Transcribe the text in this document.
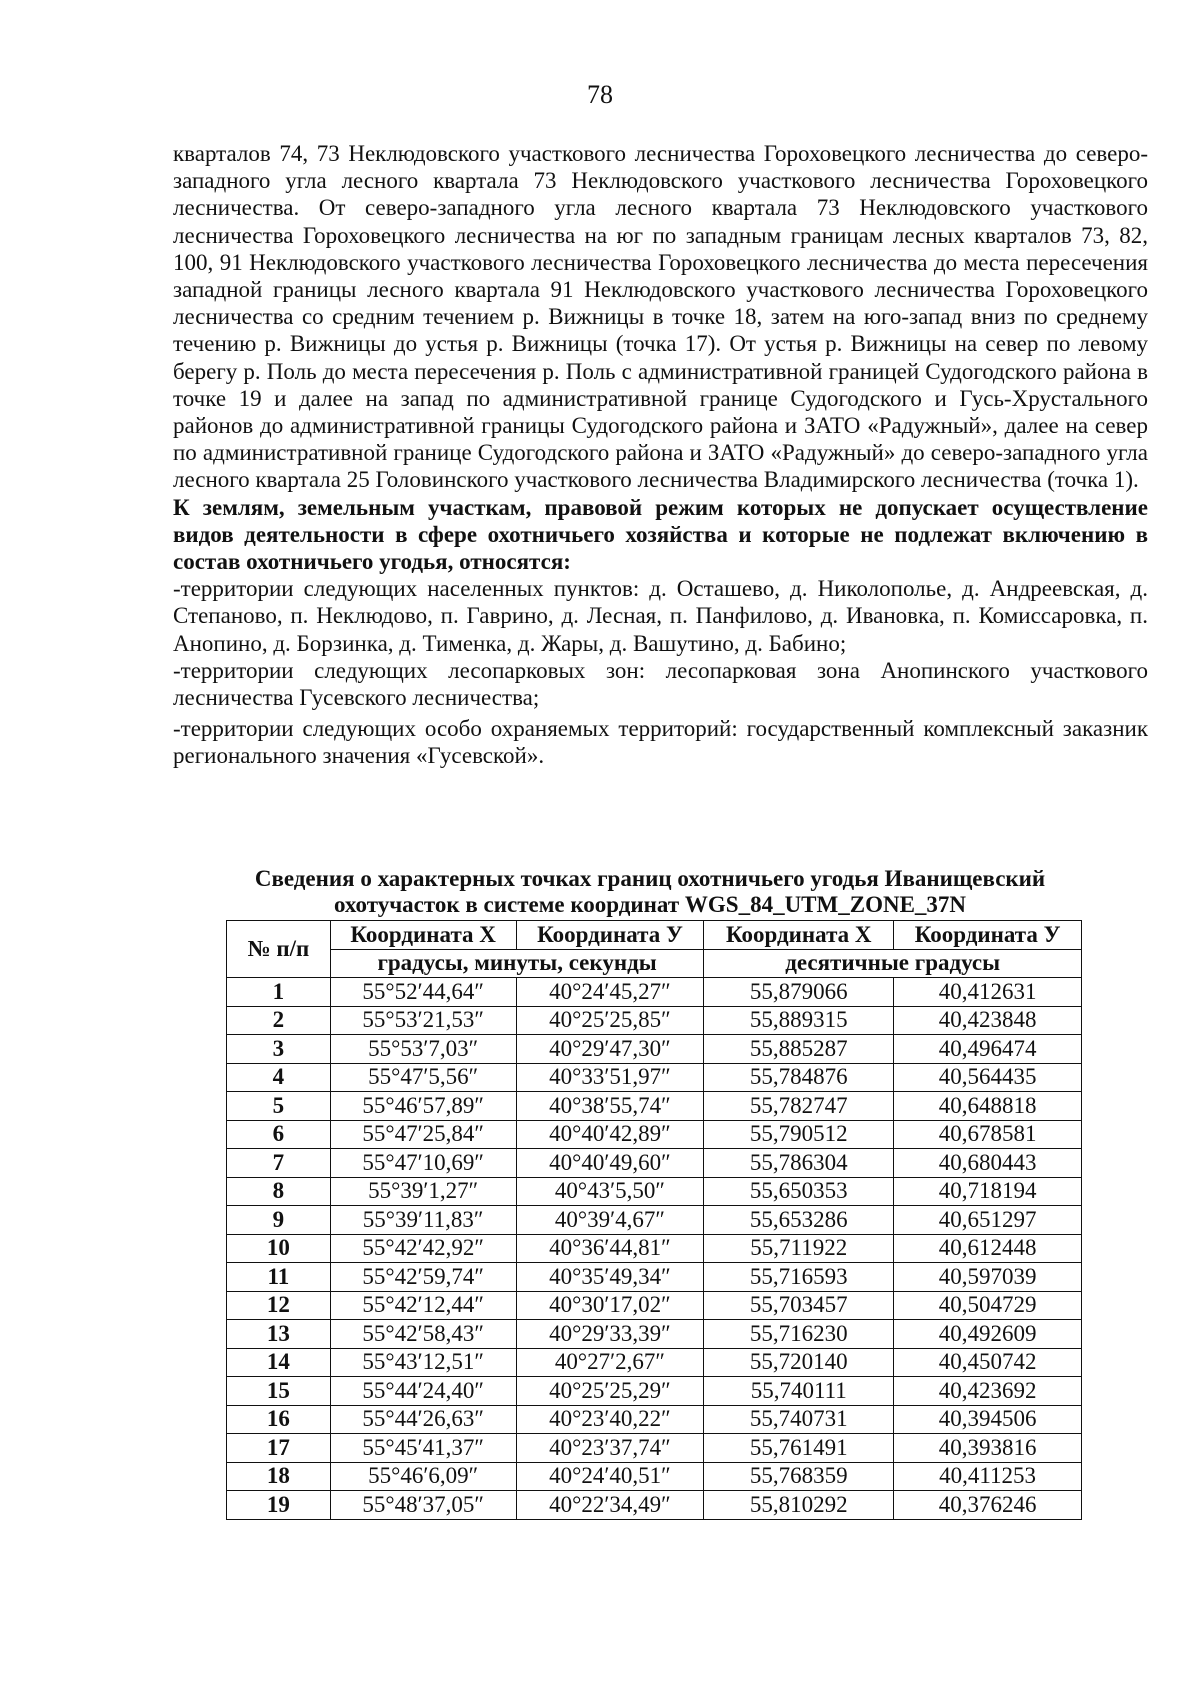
78

кварталов 74, 73 Неклюдовского участкового лесничества Гороховецкого лесничества до северо-западного угла лесного квартала 73 Неклюдовского участкового лесничества Гороховецкого лесничества. От северо-западного угла лесного квартала 73 Неклюдовского участкового лесничества Гороховецкого лесничества на юг по западным границам лесных кварталов 73, 82, 100, 91 Неклюдовского участкового лесничества Гороховецкого лесничества до места пересечения западной границы лесного квартала 91 Неклюдовского участкового лесничества Гороховецкого лесничества со средним течением р. Вижницы в точке 18, затем на юго-запад вниз по среднему течению р. Вижницы до устья р. Вижницы (точка 17). От устья р. Вижницы на север по левому берегу р. Поль до места пересечения р. Поль с административной границей Судогодского района в точке 19 и далее на запад по административной границе Судогодского и Гусь-Хрустального районов до административной границы Судогодского района и ЗАТО «Радужный», далее на север по административной границе Судогодского района и ЗАТО «Радужный» до северо-западного угла лесного квартала 25 Головинского участкового лесничества Владимирского лесничества (точка 1).

К землям, земельным участкам, правовой режим которых не допускает осуществление видов деятельности в сфере охотничьего хозяйства и которые не подлежат включению в состав охотничьего угодья, относятся:

-территории следующих населенных пунктов: д. Осташево, д. Николополье, д. Андреевская, д. Степаново, п. Неклюдово, п. Гаврино, д. Лесная, п. Панфилово, д. Ивановка, п. Комиссаровка, п. Анопино, д. Борзинка, д. Тименка, д. Жары, д. Вашутино, д. Бабино;

-территории следующих лесопарковых зон: лесопарковая зона Анопинского участкового лесничества Гусевского лесничества;

-территории следующих особо охраняемых территорий: государственный комплексный заказник регионального значения «Гусевской».

Сведения о характерных точках границ охотничьего угодья Иванищевский
охотучасток в системе координат WGS_84_UTM_ZONE_37N
№ п/п	Координата Х	Координата У	Координата Х	Координата У
	градусы, минуты, секунды		десятичные градусы	
1	55°52′44,64″	40°24′45,27″	55,879066	40,412631
2	55°53′21,53″	40°25′25,85″	55,889315	40,423848
3	55°53′7,03″	40°29′47,30″	55,885287	40,496474
4	55°47′5,56″	40°33′51,97″	55,784876	40,564435
5	55°46′57,89″	40°38′55,74″	55,782747	40,648818
6	55°47′25,84″	40°40′42,89″	55,790512	40,678581
7	55°47′10,69″	40°40′49,60″	55,786304	40,680443
8	55°39′1,27″	40°43′5,50″	55,650353	40,718194
9	55°39′11,83″	40°39′4,67″	55,653286	40,651297
10	55°42′42,92″	40°36′44,81″	55,711922	40,612448
11	55°42′59,74″	40°35′49,34″	55,716593	40,597039
12	55°42′12,44″	40°30′17,02″	55,703457	40,504729
13	55°42′58,43″	40°29′33,39″	55,716230	40,492609
14	55°43′12,51″	40°27′2,67″	55,720140	40,450742
15	55°44′24,40″	40°25′25,29″	55,740111	40,423692
16	55°44′26,63″	40°23′40,22″	55,740731	40,394506
17	55°45′41,37″	40°23′37,74″	55,761491	40,393816
18	55°46′6,09″	40°24′40,51″	55,768359	40,411253
19	55°48′37,05″	40°22′34,49″	55,810292	40,376246
